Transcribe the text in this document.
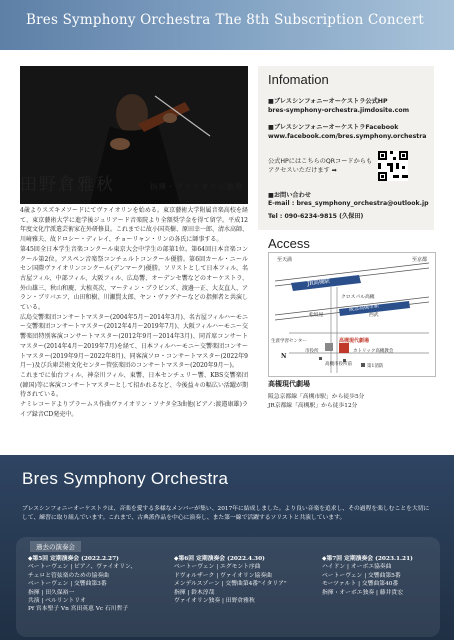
Bres Symphony Orchestra The 8th Subscription Concert
田野倉雅秋	指揮・ヴァイオリン独奏

4歳よりスズキメソードにてヴァイオリンを始める。東京藝術大学附属音楽高校を経て、東京藝術大学に進学後ジュリアード音楽院より全額奨学金を得て留学。平成12年度文化庁派遣芸術家在外研修員。これまでに故小国英樹、原田幸一郎、清水高師、川﨑雅夫、故ドロシー・ディレイ、チョーリャン・リンの各氏に師事する。

第45回全日本学生音楽コンクール東京大会中学生の部第1位。第64回日本音楽コンクール第2位。アスペン音楽祭コンチェルトコンクール優勝。第6回カール・ニールセン国際ヴァイオリンコンクール(デンマーク)優勝。ソリストとして日本フィル、名古屋フィル、中部フィル、大阪フィル、広島響、オーデンセ響などのオーケストラ、外山雄三、秋山和慶、大植英次、マーティン・ブラビンズ、渡邊一正、大友直人、アラン・ブリバエフ、山田和樹、川瀬賢太郎、ヤン・ヴァグナーなどの指揮者と共演している。

広島交響楽団コンサートマスター(2004年5月〜2014年3月)、名古屋フィルハーモニー交響楽団コンサートマスター(2012年4月〜2019年7月)、大阪フィルハーモニー交響楽団特別客演コンサートマスター(2012年9月〜2014年3月)、同首席コンサートマスター(2014年4月〜2019年7月)を経て、日本フィルハーモニー交響楽団コンサートマスター(2019年9月〜2022年8月)、同客演ソロ・コンサートマスター(2022年9月〜)及び兵庫芸術文化センター管弦楽団のコンサートマスター(2020年9月〜)。

これまでに仙台フィル、神奈川フィル、東響、日本センチュリー響、KBS交響楽団(韓国)等に客演コンサートマスターとして招かれるなど、今後益々の幅広い活躍が期待されている。

ナミレコードよりブラームス作曲ヴァイオリン・ソナタ全3曲他(ピアノ:渡邉康雄)ライブ録音CD発売中。

Infomation
■ブレスシンフォニーオーケストラ公式HP
bres-symphony-orchestra.jimdosite.com
■ブレスシンフォニーオーケストラFacebook
www.facebook.com/bres.symphony.orchestra
公式HPにはこちらのQRコードからも
アクセスいただけます ➡
■お問い合わせ
E-mail : bres_symphony_orchestra@outlook.jp
Tel : 090-6234-9815 (久保田)
Access
至天満	至京都
JR高槻駅
阪急高槻市駅
クロスパル高槻
松坂屋	西武
生涯学習センター	高槻現代劇場
市役所	カトリック高槻教会
高槻市役所前	第1消防
N
高槻現代劇場
阪急京都線「高槻市駅」から徒歩5分
JR京都線「高槻駅」から徒歩12分
Bres Symphony Orchestra
ブレスシンフォニーオーケストラは、音楽を愛する多様なメンバーが集い、2017年に結成しました。より良い音楽を追求し、その過程を楽しむことを大切にして、練習に取り組んでいます。これまで、古典派作品を中心に演奏し、また第一線で活躍するソリストと共演しています。
過去の演奏会
◆第5回 定期演奏会 (2022.2.27)
ベートーヴェン | ピアノ、ヴァイオリン、
チェロと管弦楽のための協奏曲
ベートーヴェン | 交響曲第3番
指揮 | 田久保裕一
共演 | ベルリントリオ
Pf 宮本聖子 Vn 宮田英恵 Vc 石川哲子
◆第6回 定期演奏会 (2022.4.30)
ベートーヴェン | エグモント序曲
ドヴォルザーク | ヴァイオリン協奏曲
メンデルスゾーン | 交響曲第4番"イタリア"
指揮 | 鈴木淳哉
ヴァイオリン独奏 | 田野倉雅秋
◆第7回 定期演奏会 (2023.1.21)
ハイドン | オーボエ協奏曲
ベートーヴェン | 交響曲第5番
モーツァルト | 交響曲第40番
指揮・オーボエ独奏 | 藤井貴宏
